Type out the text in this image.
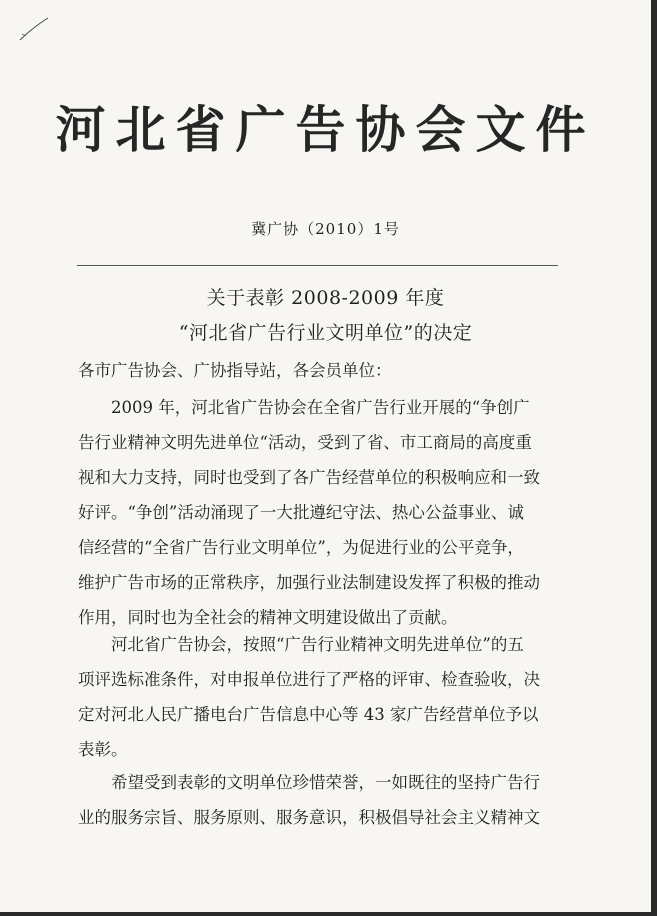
河北省广告协会文件
冀广协（2010）1号
关于表彰 2008-2009 年度
“河北省广告行业文明单位”的决定
各市广告协会、广协指导站，各会员单位：
2009 年，河北省广告协会在全省广告行业开展的“争创广
告行业精神文明先进单位“活动，受到了省、市工商局的高度重
视和大力支持，同时也受到了各广告经营单位的积极响应和一致
好评。“争创”活动涌现了一大批遵纪守法、热心公益事业、诚
信经营的“全省广告行业文明单位”，为促进行业的公平竞争，
维护广告市场的正常秩序，加强行业法制建设发挥了积极的推动
作用，同时也为全社会的精神文明建设做出了贡献。
河北省广告协会，按照“广告行业精神文明先进单位”的五
项评选标准条件，对申报单位进行了严格的评审、检查验收，决
定对河北人民广播电台广告信息中心等 43 家广告经营单位予以
表彰。
希望受到表彰的文明单位珍惜荣誉，一如既往的坚持广告行
业的服务宗旨、服务原则、服务意识，积极倡导社会主义精神文
